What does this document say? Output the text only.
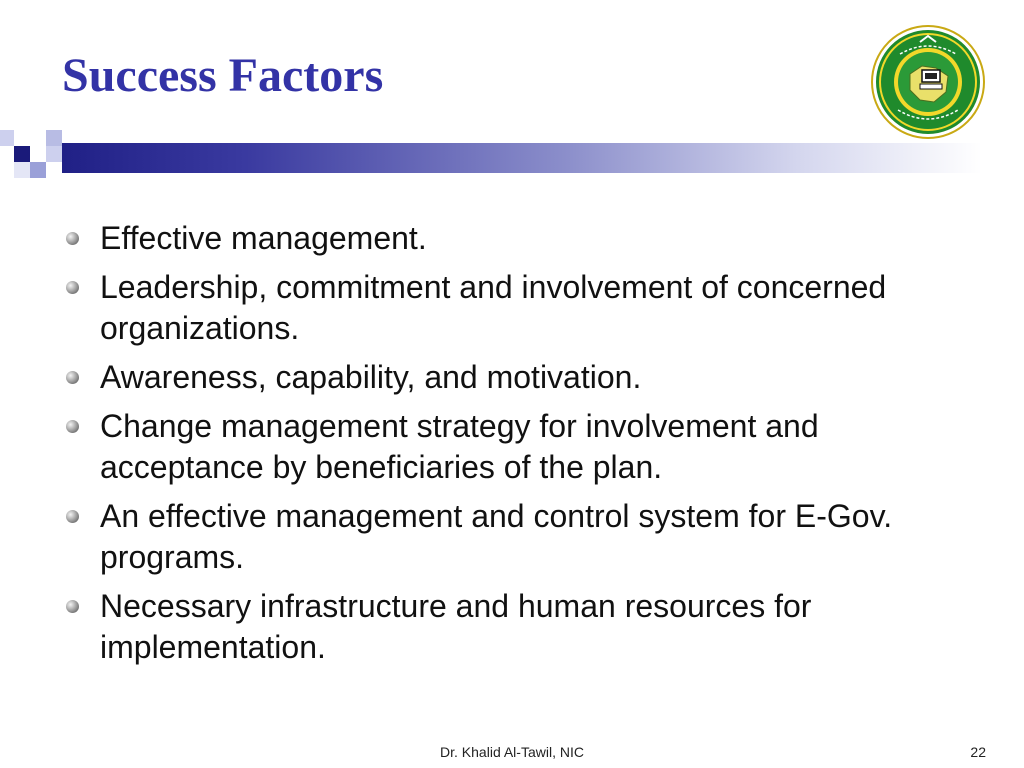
Success Factors
Effective management.
Leadership, commitment and involvement of concerned organizations.
Awareness, capability, and motivation.
Change management strategy for involvement and acceptance by beneficiaries of the plan.
An effective management and control system for E-Gov. programs.
Necessary infrastructure and human resources for implementation.
Dr. Khalid Al-Tawil, NIC	22
